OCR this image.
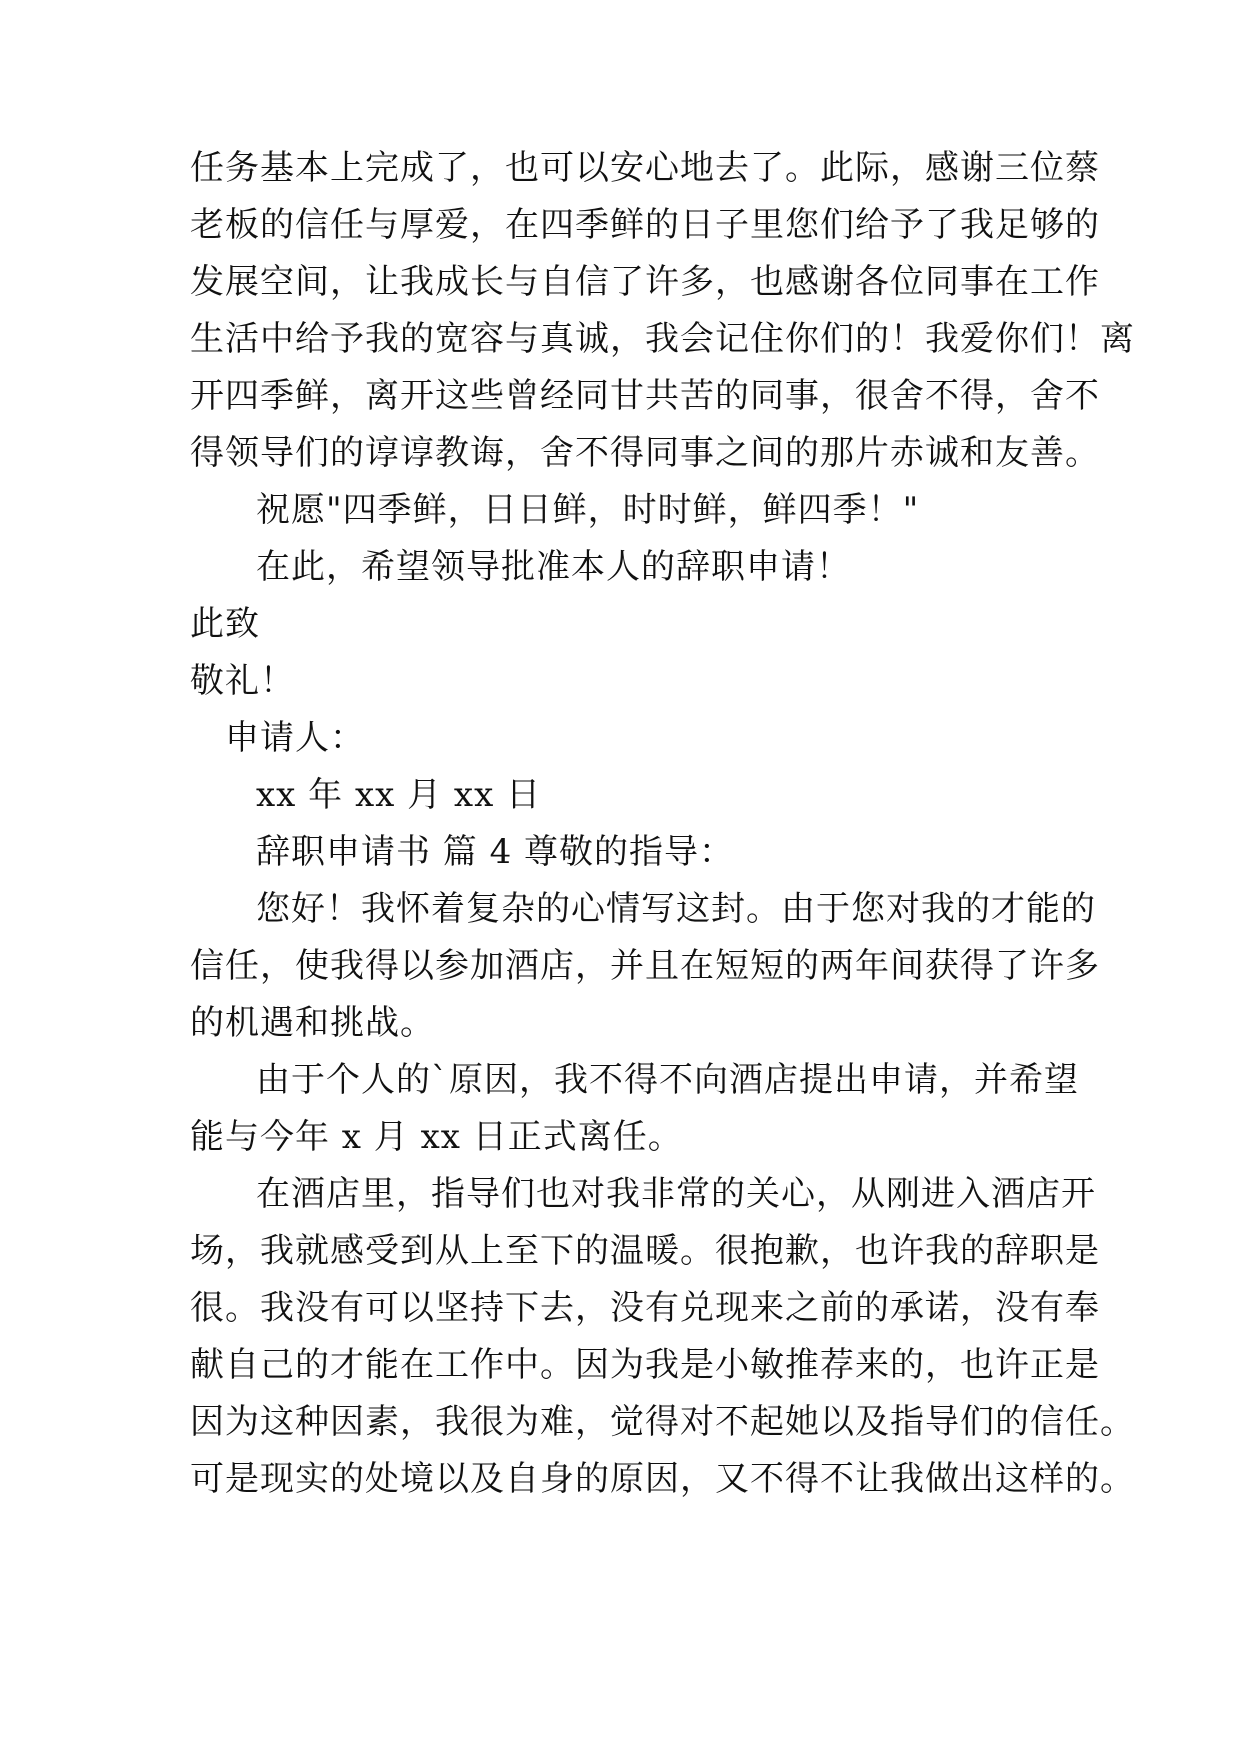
任务基本上完成了，也可以安心地去了。此际，感谢三位蔡
老板的信任与厚爱，在四季鲜的日子里您们给予了我足够的
发展空间，让我成长与自信了许多，也感谢各位同事在工作
生活中给予我的宽容与真诚，我会记住你们的！我爱你们！离
开四季鲜，离开这些曾经同甘共苦的同事，很舍不得，舍不
得领导们的谆谆教诲，舍不得同事之间的那片赤诚和友善。
祝愿"四季鲜，日日鲜，时时鲜，鲜四季！"
在此，希望领导批准本人的辞职申请！
此致
敬礼！
申请人：
xx 年 xx 月 xx 日
辞职申请书 篇 4 尊敬的指导：
您好！我怀着复杂的心情写这封。由于您对我的才能的
信任，使我得以参加酒店，并且在短短的两年间获得了许多
的机遇和挑战。
由于个人的`原因，我不得不向酒店提出申请，并希望
能与今年 x 月 xx 日正式离任。
在酒店里，指导们也对我非常的关心，从刚进入酒店开
场，我就感受到从上至下的温暖。很抱歉，也许我的辞职是
很。我没有可以坚持下去，没有兑现来之前的承诺，没有奉
献自己的才能在工作中。因为我是小敏推荐来的，也许正是
因为这种因素，我很为难，觉得对不起她以及指导们的信任。
可是现实的处境以及自身的原因，又不得不让我做出这样的。
